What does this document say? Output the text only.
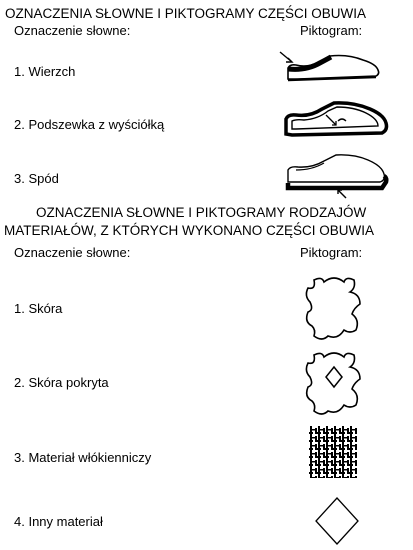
OZNACZENIA SŁOWNE I PIKTOGRAMY CZĘŚCI OBUWIA
Oznaczenie słowne:	Piktogram:
1. Wierzch
2. Podszewka z wyściółką
3. Spód
OZNACZENIA SŁOWNE I PIKTOGRAMY RODZAJÓW
MATERIAŁÓW, Z KTÓRYCH WYKONANO CZĘŚCI OBUWIA
Oznaczenie słowne:	Piktogram:
1. Skóra
2. Skóra pokryta
3. Materiał włókienniczy
4. Inny materiał
